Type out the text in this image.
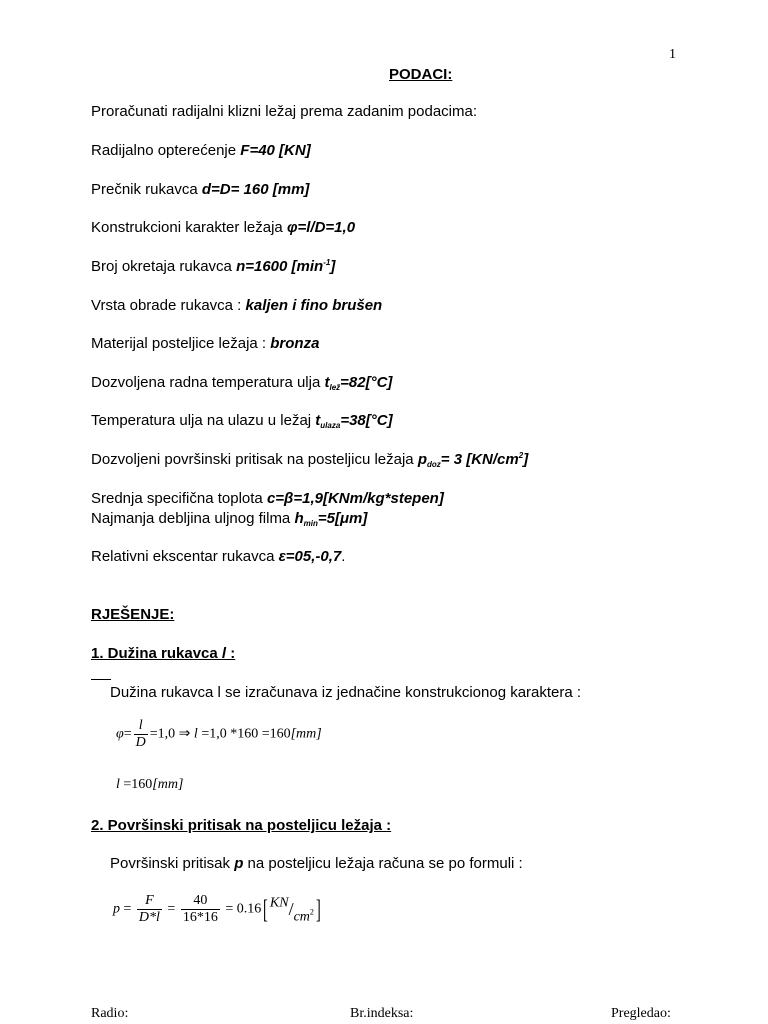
1
PODACI:
Proračunati radijalni klizni ležaj prema zadanim podacima:
Radijalno opterećenje F=40 [KN]
Prečnik rukavca d=D= 160 [mm]
Konstrukcioni karakter ležaja φ=l/D=1,0
Broj okretaja rukavca n=1600 $[\min^{-1}]$
Vrsta obrade rukavca : kaljen i fino brušen
Materijal posteljice ležaja : bronza
Dozvoljena radna temperatura ulja $t_{lež}=82[^\circ C]$
Temperatura ulja na ulazu u ležaj $t_{ulaza}=38[^\circ C]$
Dozvoljeni površinski pritisak na posteljicu ležaja $p_{doz}= 3$ $[KN/cm^2]$
Srednja specifična toplota c=β=1,9[KNm/kg*stepen]
Najmanja debljina uljnog filma $h_{min}=5[\mu m]$
Relativni ekscentar rukavca ε=05,-0,7.
RJEŠENJE:
1. Dužina rukavca l :
Dužina rukavca l se izračunava iz jednačine konstrukcionog karaktera :
$\varphi= \frac{l}{D} =1,0$ ⇒ l =1,0 *160 =160[mm]
l =160[mm]
2. Površinski pritisak na posteljicu ležaja :
Površinski pritisak p na posteljicu ležaja računa se po formuli :
$p = \frac{F}{D*l} = \frac{40}{16*16} = 0.16$[ $KN/cm_2$]
Radio:	Br.indeksa:	Pregledao:
